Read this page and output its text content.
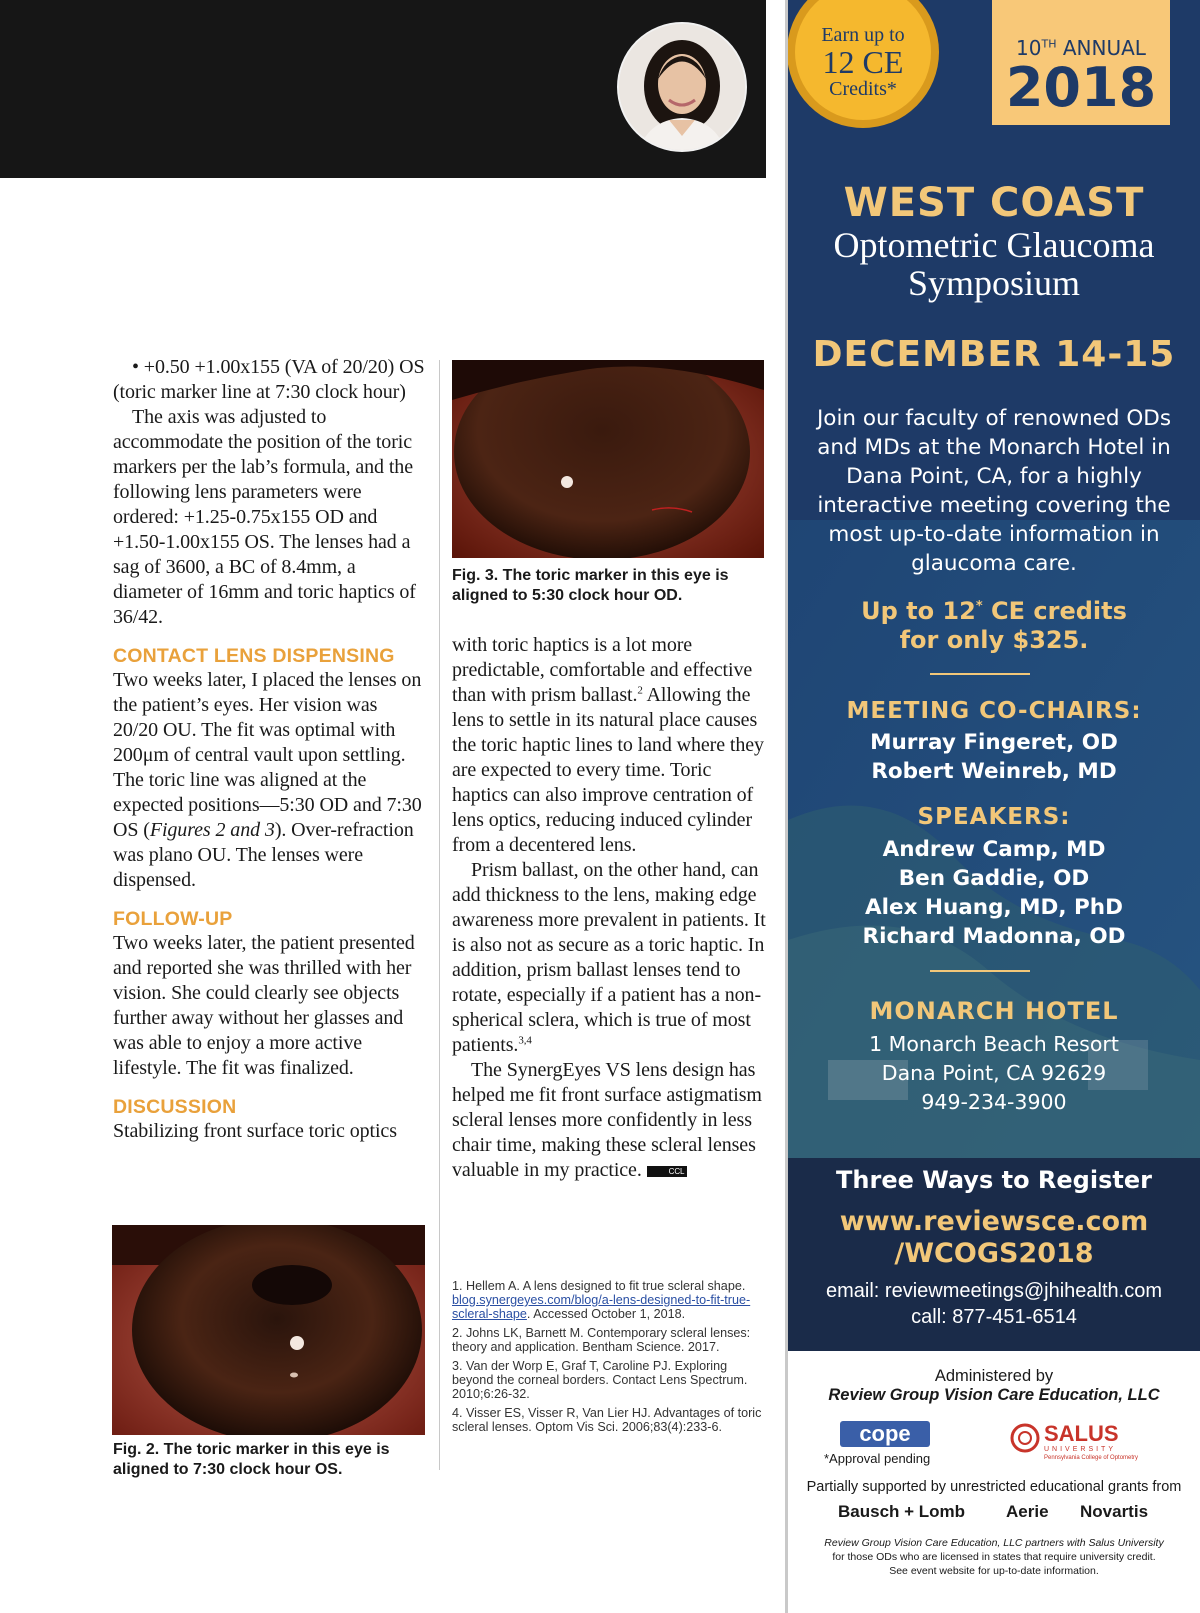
• +0.50 +1.00x155 (VA of 20/20) OS (toric marker line at 7:30 clock hour)

The axis was adjusted to accommodate the position of the toric markers per the lab’s formula, and the following lens parameters were ordered: +1.25-0.75x155 OD and +1.50-1.00x155 OS. The lenses had a sag of 3600, a BC of 8.4mm, a diameter of 16mm and toric haptics of 36/42.

CONTACT LENS DISPENSING

Two weeks later, I placed the lenses on the patient’s eyes. Her vision was 20/20 OU. The fit was optimal with 200μm of central vault upon settling. The toric line was aligned at the expected positions—5:30 OD and 7:30 OS (Figures 2 and 3). Over-refraction was plano OU. The lenses were dispensed.

FOLLOW-UP

Two weeks later, the patient presented and reported she was thrilled with her vision. She could clearly see objects further away without her glasses and was able to enjoy a more active lifestyle. The fit was finalized.

DISCUSSION

Stabilizing front surface toric optics

Fig. 2. The toric marker in this eye is aligned to 7:30 clock hour OS.
Fig. 3. The toric marker in this eye is aligned to 5:30 clock hour OD.

with toric haptics is a lot more predictable, comfortable and effective than with prism ballast.$^2$ Allowing the lens to settle in its natural place causes the toric haptic lines to land where they are expected to every time. Toric haptics can also improve centration of lens optics, reducing induced cylinder from a decentered lens.

Prism ballast, on the other hand, can add thickness to the lens, making edge awareness more prevalent in patients. It is also not as secure as a toric haptic. In addition, prism ballast lenses tend to rotate, especially if a patient has a non-spherical sclera, which is true of most patients.$^{3,4}$

The SynergEyes VS lens design has helped me fit front surface astigmatism scleral lenses more confidently in less chair time, making these scleral lenses valuable in my practice.	CCL

1. Hellem A. A lens designed to fit true scleral shape. blog.synergeyes.com/blog/a-lens-designed-to-fit-true-scleral-shape. Accessed October 1, 2018.

2. Johns LK, Barnett M. Contemporary scleral lenses: theory and application. Bentham Science. 2017.

3. Van der Worp E, Graf T, Caroline PJ. Exploring beyond the corneal borders. Contact Lens Spectrum. 2010;6:26-32.

4. Visser ES, Visser R, Van Lier HJ. Advantages of toric scleral lenses. Optom Vis Sci. 2006;83(4):233-6.

Earn up to
12 CE
Credits*
10TH ANNUAL
2018
WEST COAST
Optometric Glaucoma
Symposium
DECEMBER 14-15
Join our faculty of renowned ODs and MDs at the Monarch Hotel in Dana Point, CA, for a highly interactive meeting covering the most up-to-date information in glaucoma care.
Up to 12* CE credits
for only $325.
MEETING CO-CHAIRS:
Murray Fingeret, OD
Robert Weinreb, MD
SPEAKERS:
Andrew Camp, MD
Ben Gaddie, OD
Alex Huang, MD, PhD
Richard Madonna, OD
MONARCH HOTEL
1 Monarch Beach Resort
Dana Point, CA 92629
949-234-3900
Three Ways to Register
www.reviewsce.com
/WCOGS2018
email: reviewmeetings@jhihealth.com
call: 877-451-6514
Administered by
Review Group Vision Care Education, LLC
cope
*Approval pending
SALUS
UNIVERSITY
Pennsylvania College of Optometry
Partially supported by unrestricted educational grants from
Bausch + Lomb Aerie Novartis
Review Group Vision Care Education, LLC partners with Salus University
for those ODs who are licensed in states that require university credit.
See event website for up-to-date information.
